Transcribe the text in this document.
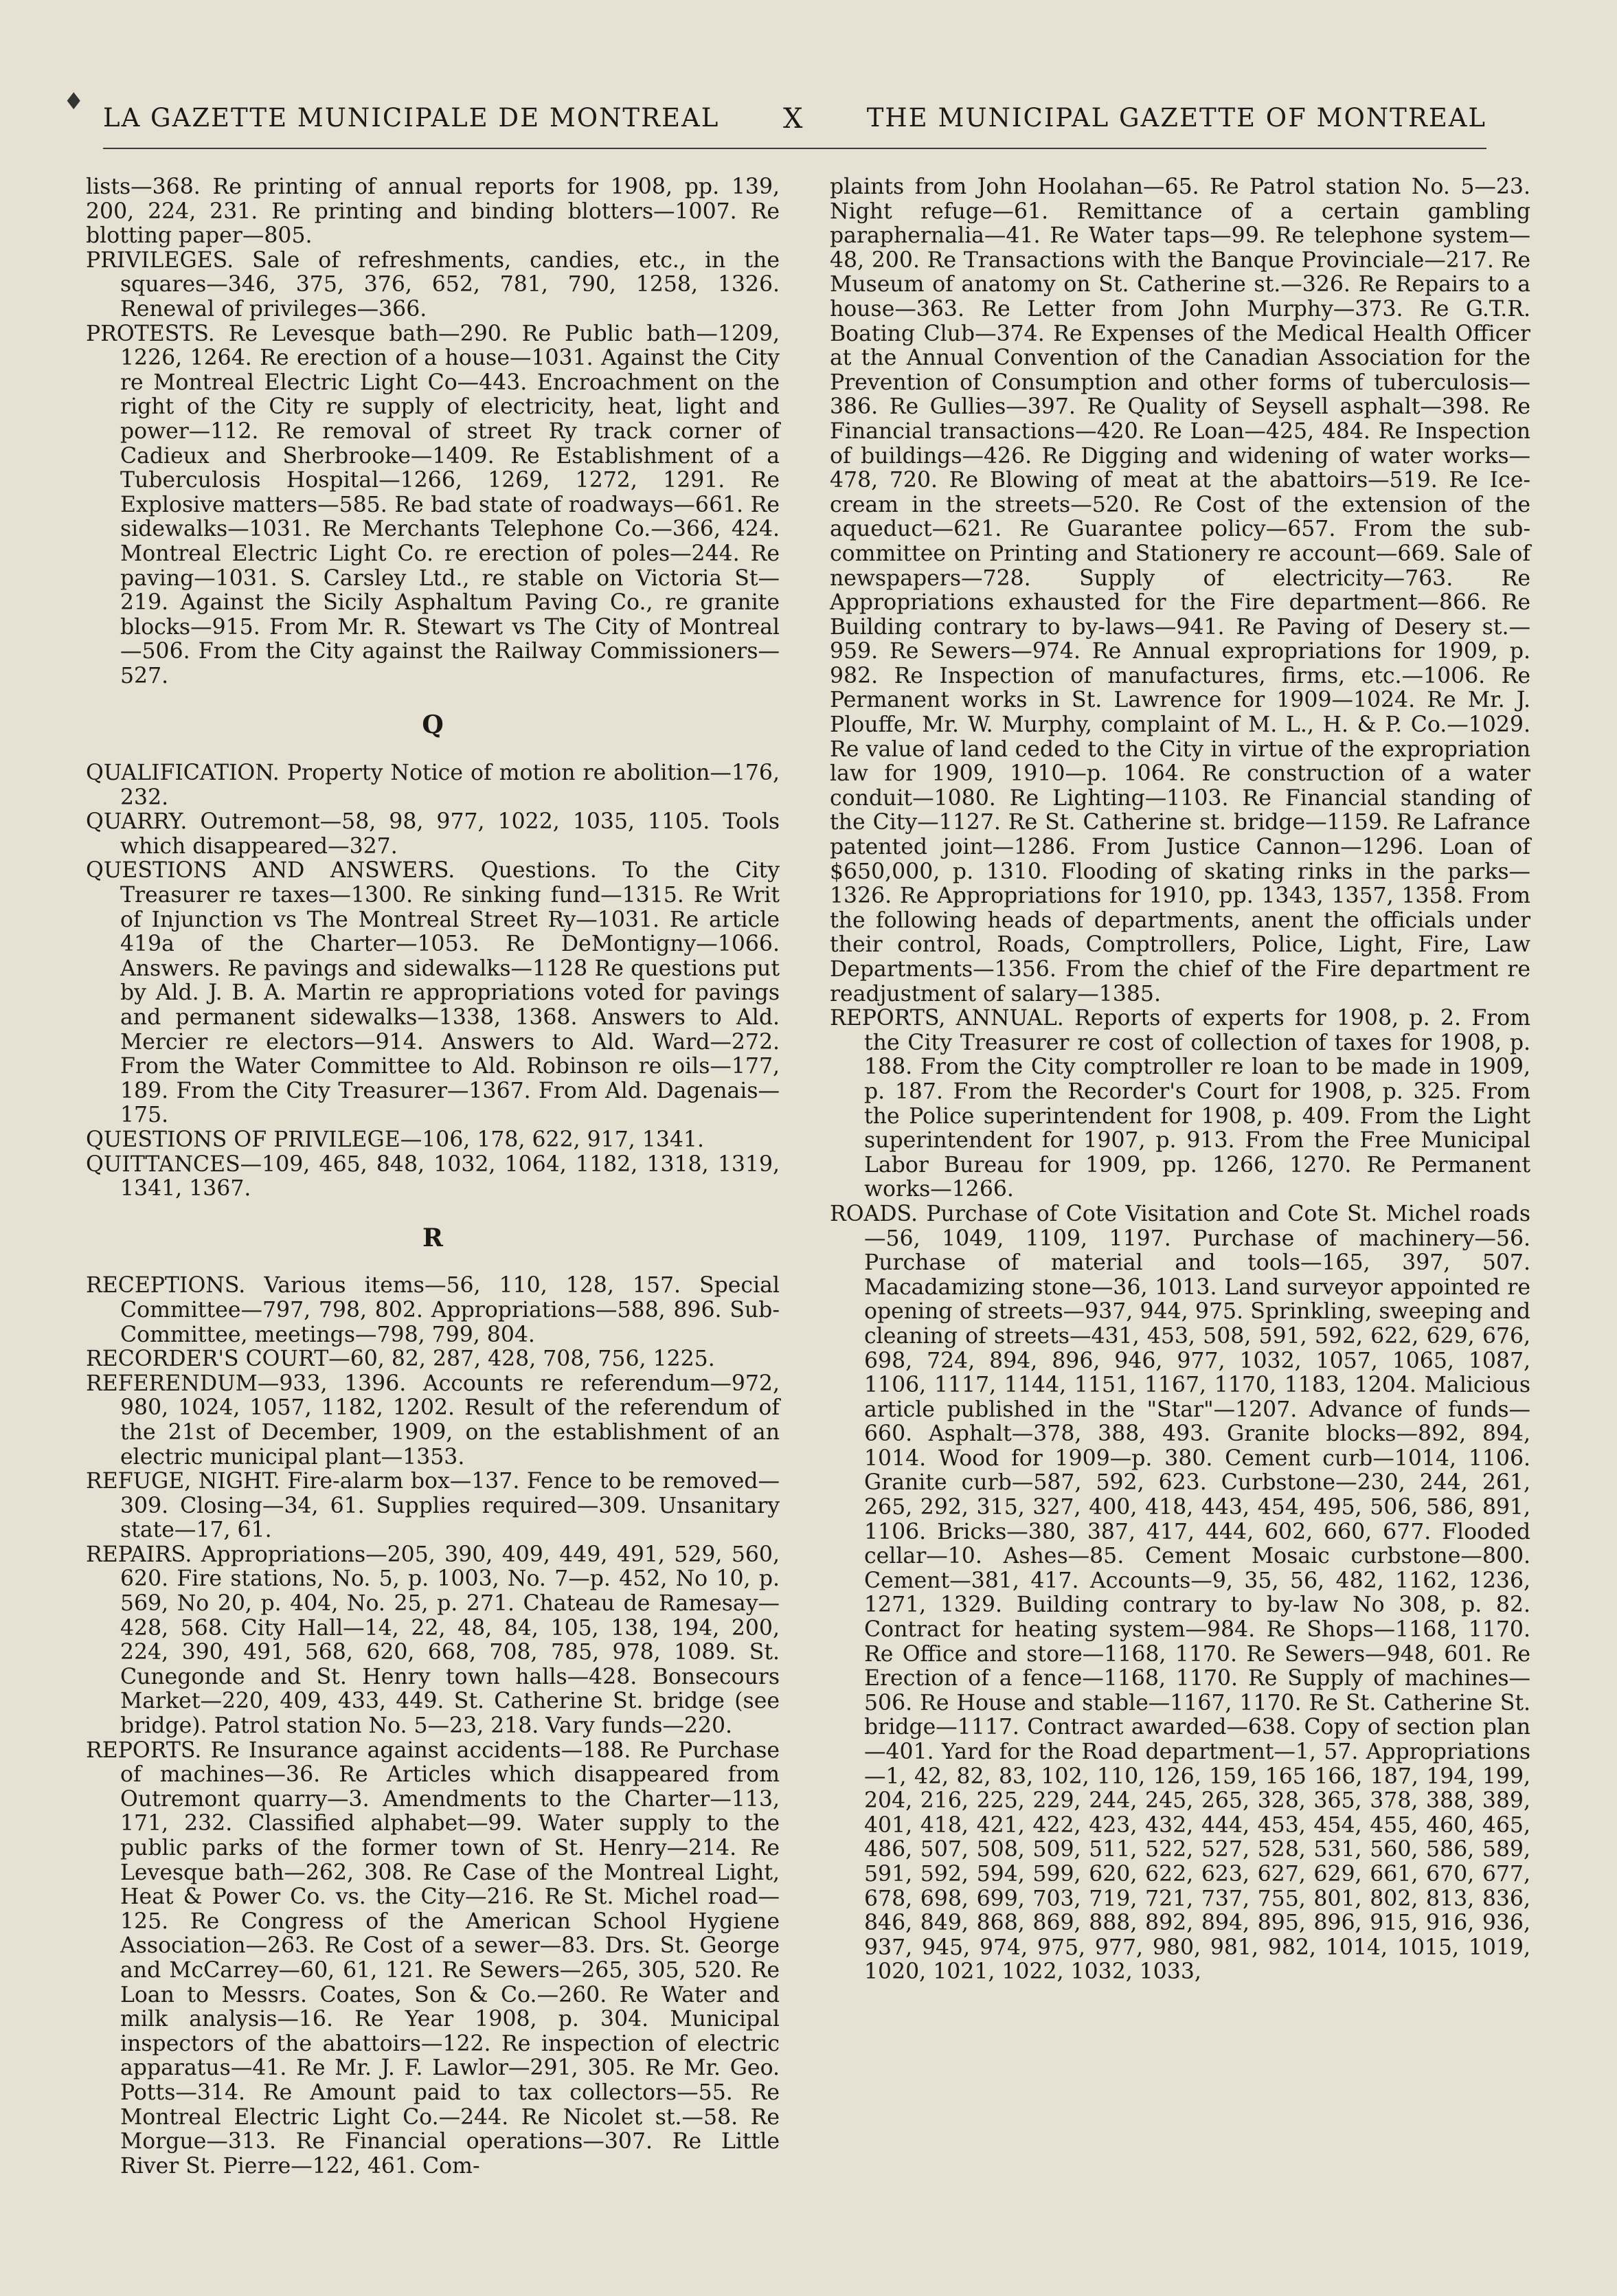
♦
LA GAZETTE MUNICIPALE DE MONTREAL X THE MUNICIPAL GAZETTE OF MONTREAL

lists—368. Re printing of annual reports for 1908, pp. 139, 200, 224, 231. Re printing and binding blotters—1007. Re blotting paper—805.

PRIVILEGES. Sale of refreshments, candies, etc., in the squares—346, 375, 376, 652, 781, 790, 1258, 1326. Renewal of privileges—366.

PROTESTS. Re Levesque bath—290. Re Public bath—1209, 1226, 1264. Re erection of a house—1031. Against the City re Montreal Electric Light Co—443. Encroachment on the right of the City re supply of electricity, heat, light and power—112. Re removal of street Ry track corner of Cadieux and Sherbrooke—1409. Re Establishment of a Tuberculosis Hospital—1266, 1269, 1272, 1291. Re Explosive matters—585. Re bad state of roadways—661. Re sidewalks—1031. Re Merchants Telephone Co.—366, 424. Montreal Electric Light Co. re erection of poles—244. Re paving—1031. S. Carsley Ltd., re stable on Victoria St—219. Against the Sicily Asphaltum Paving Co., re granite blocks—915. From Mr. R. Stewart vs The City of Montreal—506. From the City against the Railway Commissioners—527.

Q

QUALIFICATION. Property Notice of motion re abolition—176, 232.

QUARRY. Outremont—58, 98, 977, 1022, 1035, 1105. Tools which disappeared—327.

QUESTIONS AND ANSWERS. Questions. To the City Treasurer re taxes—1300. Re sinking fund—1315. Re Writ of Injunction vs The Montreal Street Ry—1031. Re article 419a of the Charter—1053. Re DeMontigny—1066. Answers. Re pavings and sidewalks—1128 Re questions put by Ald. J. B. A. Martin re appropriations voted for pavings and permanent sidewalks—1338, 1368. Answers to Ald. Mercier re electors—914. Answers to Ald. Ward—272. From the Water Committee to Ald. Robinson re oils—177, 189. From the City Treasurer—1367. From Ald. Dagenais—175.

QUESTIONS OF PRIVILEGE—106, 178, 622, 917, 1341.

QUITTANCES—109, 465, 848, 1032, 1064, 1182, 1318, 1319, 1341, 1367.

R

RECEPTIONS. Various items—56, 110, 128, 157. Special Committee—797, 798, 802. Appropriations—588, 896. Sub-Committee, meetings—798, 799, 804.

RECORDER'S COURT—60, 82, 287, 428, 708, 756, 1225.

REFERENDUM—933, 1396. Accounts re referendum—972, 980, 1024, 1057, 1182, 1202. Result of the referendum of the 21st of December, 1909, on the establishment of an electric municipal plant—1353.

REFUGE, NIGHT. Fire-alarm box—137. Fence to be removed—309. Closing—34, 61. Supplies required—309. Unsanitary state—17, 61.

REPAIRS. Appropriations—205, 390, 409, 449, 491, 529, 560, 620. Fire stations, No. 5, p. 1003, No. 7—p. 452, No 10, p. 569, No 20, p. 404, No. 25, p. 271. Chateau de Ramesay—428, 568. City Hall—14, 22, 48, 84, 105, 138, 194, 200, 224, 390, 491, 568, 620, 668, 708, 785, 978, 1089. St. Cunegonde and St. Henry town halls—428. Bonsecours Market—220, 409, 433, 449. St. Catherine St. bridge (see bridge). Patrol station No. 5—23, 218. Vary funds—220.

REPORTS. Re Insurance against accidents—188. Re Purchase of machines—36. Re Articles which disappeared from Outremont quarry—3. Amendments to the Charter—113, 171, 232. Classified alphabet—99. Water supply to the public parks of the former town of St. Henry—214. Re Levesque bath—262, 308. Re Case of the Montreal Light, Heat & Power Co. vs. the City—216. Re St. Michel road—125. Re Congress of the American School Hygiene Association—263. Re Cost of a sewer—83. Drs. St. George and McCarrey—60, 61, 121. Re Sewers—265, 305, 520. Re Loan to Messrs. Coates, Son & Co.—260. Re Water and milk analysis—16. Re Year 1908, p. 304. Municipal inspectors of the abattoirs—122. Re inspection of electric apparatus—41. Re Mr. J. F. Lawlor—291, 305. Re Mr. Geo. Potts—314. Re Amount paid to tax collectors—55. Re Montreal Electric Light Co.—244. Re Nicolet st.—58. Re Morgue—313. Re Financial operations—307. Re Little River St. Pierre—122, 461. Com-

plaints from John Hoolahan—65. Re Patrol station No. 5—23. Night refuge—61. Remittance of a certain gambling paraphernalia—41. Re Water taps—99. Re telephone system—48, 200. Re Transactions with the Banque Provinciale—217. Re Museum of anatomy on St. Catherine st.—326. Re Repairs to a house—363. Re Letter from John Murphy—373. Re G.T.R. Boating Club—374. Re Expenses of the Medical Health Officer at the Annual Convention of the Canadian Association for the Prevention of Consumption and other forms of tuberculosis—386. Re Gullies—397. Re Quality of Seysell asphalt—398. Re Financial transactions—420. Re Loan—425, 484. Re Inspection of buildings—426. Re Digging and widening of water works—478, 720. Re Blowing of meat at the abattoirs—519. Re Ice-cream in the streets—520. Re Cost of the extension of the aqueduct—621. Re Guarantee policy—657. From the sub-committee on Printing and Stationery re account—669. Sale of newspapers—728. Supply of electricity—763. Re Appropriations exhausted for the Fire department—866. Re Building contrary to by-laws—941. Re Paving of Desery st.—959. Re Sewers—974. Re Annual expropriations for 1909, p. 982. Re Inspection of manufactures, firms, etc.—1006. Re Permanent works in St. Lawrence for 1909—1024. Re Mr. J. Plouffe, Mr. W. Murphy, complaint of M. L., H. & P. Co.—1029. Re value of land ceded to the City in virtue of the expropriation law for 1909, 1910—p. 1064. Re construction of a water conduit—1080. Re Lighting—1103. Re Financial standing of the City—1127. Re St. Catherine st. bridge—1159. Re Lafrance patented joint—1286. From Justice Cannon—1296. Loan of $650,000, p. 1310. Flooding of skating rinks in the parks—1326. Re Appropriations for 1910, pp. 1343, 1357, 1358. From the following heads of departments, anent the officials under their control, Roads, Comptrollers, Police, Light, Fire, Law Departments—1356. From the chief of the Fire department re readjustment of salary—1385.

REPORTS, ANNUAL. Reports of experts for 1908, p. 2. From the City Treasurer re cost of collection of taxes for 1908, p. 188. From the City comptroller re loan to be made in 1909, p. 187. From the Recorder's Court for 1908, p. 325. From the Police superintendent for 1908, p. 409. From the Light superintendent for 1907, p. 913. From the Free Municipal Labor Bureau for 1909, pp. 1266, 1270. Re Permanent works—1266.

ROADS. Purchase of Cote Visitation and Cote St. Michel roads—56, 1049, 1109, 1197. Purchase of machinery—56. Purchase of material and tools—165, 397, 507. Macadamizing stone—36, 1013. Land surveyor appointed re opening of streets—937, 944, 975. Sprinkling, sweeping and cleaning of streets—431, 453, 508, 591, 592, 622, 629, 676, 698, 724, 894, 896, 946, 977, 1032, 1057, 1065, 1087, 1106, 1117, 1144, 1151, 1167, 1170, 1183, 1204. Malicious article published in the "Star"—1207. Advance of funds—660. Asphalt—378, 388, 493. Granite blocks—892, 894, 1014. Wood for 1909—p. 380. Cement curb—1014, 1106. Granite curb—587, 592, 623. Curbstone—230, 244, 261, 265, 292, 315, 327, 400, 418, 443, 454, 495, 506, 586, 891, 1106. Bricks—380, 387, 417, 444, 602, 660, 677. Flooded cellar—10. Ashes—85. Cement Mosaic curbstone—800. Cement—381, 417. Accounts—9, 35, 56, 482, 1162, 1236, 1271, 1329. Building contrary to by-law No 308, p. 82. Contract for heating system—984. Re Shops—1168, 1170. Re Office and store—1168, 1170. Re Sewers—948, 601. Re Erection of a fence—1168, 1170. Re Supply of machines—506. Re House and stable—1167, 1170. Re St. Catherine St. bridge—1117. Contract awarded—638. Copy of section plan—401. Yard for the Road department—1, 57. Appropriations—1, 42, 82, 83, 102, 110, 126, 159, 165 166, 187, 194, 199, 204, 216, 225, 229, 244, 245, 265, 328, 365, 378, 388, 389, 401, 418, 421, 422, 423, 432, 444, 453, 454, 455, 460, 465, 486, 507, 508, 509, 511, 522, 527, 528, 531, 560, 586, 589, 591, 592, 594, 599, 620, 622, 623, 627, 629, 661, 670, 677, 678, 698, 699, 703, 719, 721, 737, 755, 801, 802, 813, 836, 846, 849, 868, 869, 888, 892, 894, 895, 896, 915, 916, 936, 937, 945, 974, 975, 977, 980, 981, 982, 1014, 1015, 1019, 1020, 1021, 1022, 1032, 1033,
